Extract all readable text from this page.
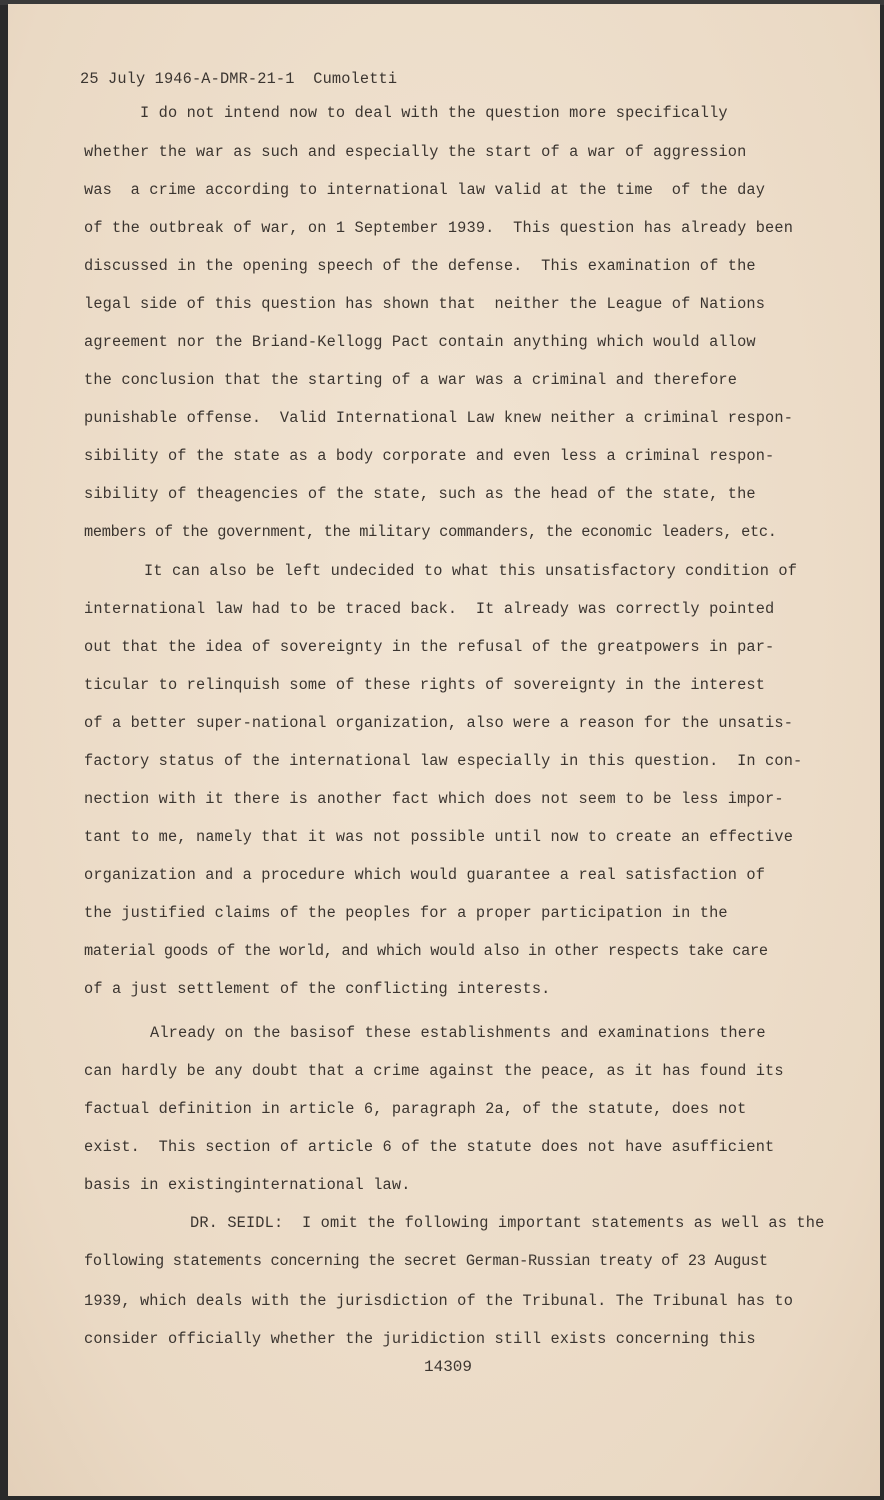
25 July 1946-A-DMR-21-1  Cumoletti
I do not intend now to deal with the question more specifically
whether the war as such and especially the start of a war of aggression
was  a crime according to international law valid at the time  of the day
of the outbreak of war, on 1 September 1939.  This question has already been
discussed in the opening speech of the defense.  This examination of the
legal side of this question has shown that  neither the League of Nations
agreement nor the Briand-Kellogg Pact contain anything which would allow
the conclusion that the starting of a war was a criminal and therefore
punishable offense.  Valid International Law knew neither a criminal respon-
sibility of the state as a body corporate and even less a criminal respon-
sibility of theagencies of the state, such as the head of the state, the
members of the government, the military commanders, the economic leaders, etc.
It can also be left undecided to what this unsatisfactory condition of
international law had to be traced back.  It already was correctly pointed
out that the idea of sovereignty in the refusal of the greatpowers in par-
ticular to relinquish some of these rights of sovereignty in the interest
of a better super-national organization, also were a reason for the unsatis-
factory status of the international law especially in this question.  In con-
nection with it there is another fact which does not seem to be less impor-
tant to me, namely that it was not possible until now to create an effective
organization and a procedure which would guarantee a real satisfaction of
the justified claims of the peoples for a proper participation in the
material goods of the world, and which would also in other respects take care
of a just settlement of the conflicting interests.
Already on the basisof these establishments and examinations there
can hardly be any doubt that a crime against the peace, as it has found its
factual definition in article 6, paragraph 2a, of the statute, does not
exist.  This section of article 6 of the statute does not have asufficient
basis in existinginternational law.
DR. SEIDL:  I omit the following important statements as well as the
following statements concerning the secret German-Russian treaty of 23 August
1939, which deals with the jurisdiction of the Tribunal. The Tribunal has to
consider officially whether the juridiction still exists concerning this
14309
